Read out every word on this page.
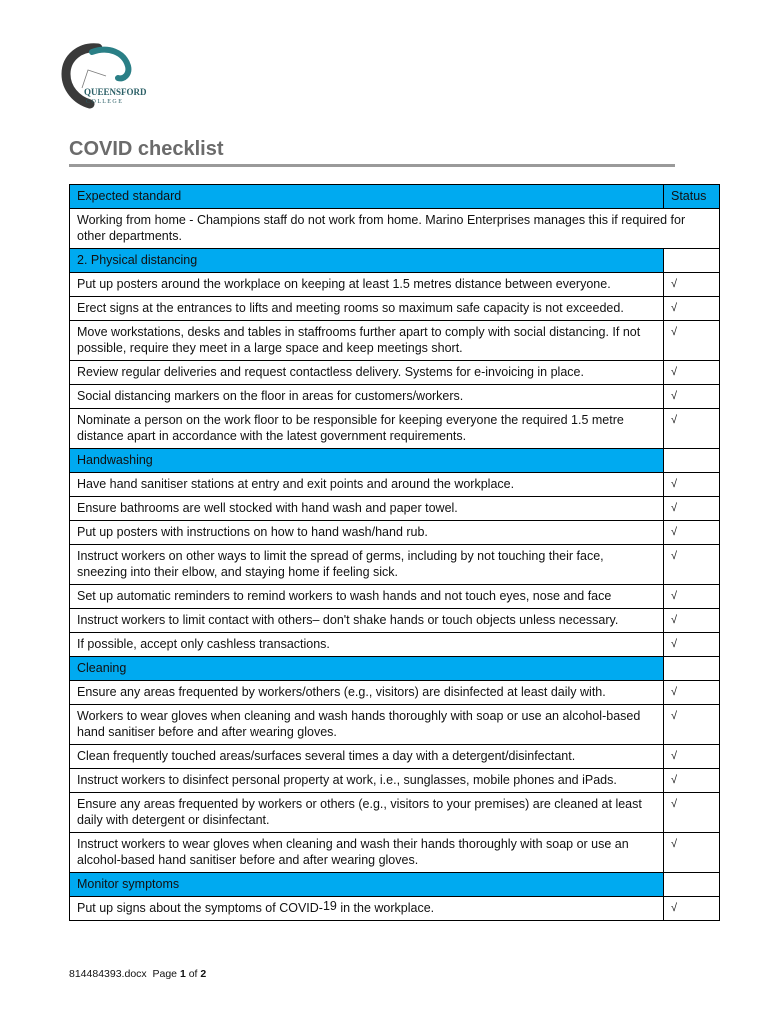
QUEENSFORD
C O L L E G E
COVID checklist
Expected standard	Status
Working from home - Champions staff do not work from home. Marino Enterprises manages this if required for other departments.	
2. Physical distancing	
Put up posters around the workplace on keeping at least 1.5 metres distance between everyone.	√
Erect signs at the entrances to lifts and meeting rooms so maximum safe capacity is not exceeded.	√
Move workstations, desks and tables in staffrooms further apart to comply with social distancing. If not possible, require they meet in a large space and keep meetings short.	√
Review regular deliveries and request contactless delivery. Systems for e-invoicing in place.	√
Social distancing markers on the floor in areas for customers/workers.	√
Nominate a person on the work floor to be responsible for keeping everyone the required 1.5 metre distance apart in accordance with the latest government requirements.	√
Handwashing	
Have hand sanitiser stations at entry and exit points and around the workplace.	√
Ensure bathrooms are well stocked with hand wash and paper towel.	√
Put up posters with instructions on how to hand wash/hand rub.	√
Instruct workers on other ways to limit the spread of germs, including by not touching their face, sneezing into their elbow, and staying home if feeling sick.	√
Set up automatic reminders to remind workers to wash hands and not touch eyes, nose and face	√
Instruct workers to limit contact with others– don't shake hands or touch objects unless necessary.	√
If possible, accept only cashless transactions.	√
Cleaning	
Ensure any areas frequented by workers/others (e.g., visitors) are disinfected at least daily with.	√
Workers to wear gloves when cleaning and wash hands thoroughly with soap or use an alcohol-based hand sanitiser before and after wearing gloves.	√
Clean frequently touched areas/surfaces several times a day with a detergent/disinfectant.	√
Instruct workers to disinfect personal property at work, i.e., sunglasses, mobile phones and iPads.	√
Ensure any areas frequented by workers or others (e.g., visitors to your premises) are cleaned at least daily with detergent or disinfectant.	√
Instruct workers to wear gloves when cleaning and wash their hands thoroughly with soap or use an alcohol-based hand sanitiser before and after wearing gloves.	√
Monitor symptoms	
Put up signs about the symptoms of COVID-19 in the workplace.	√
814484393.docx Page 1 of 2
